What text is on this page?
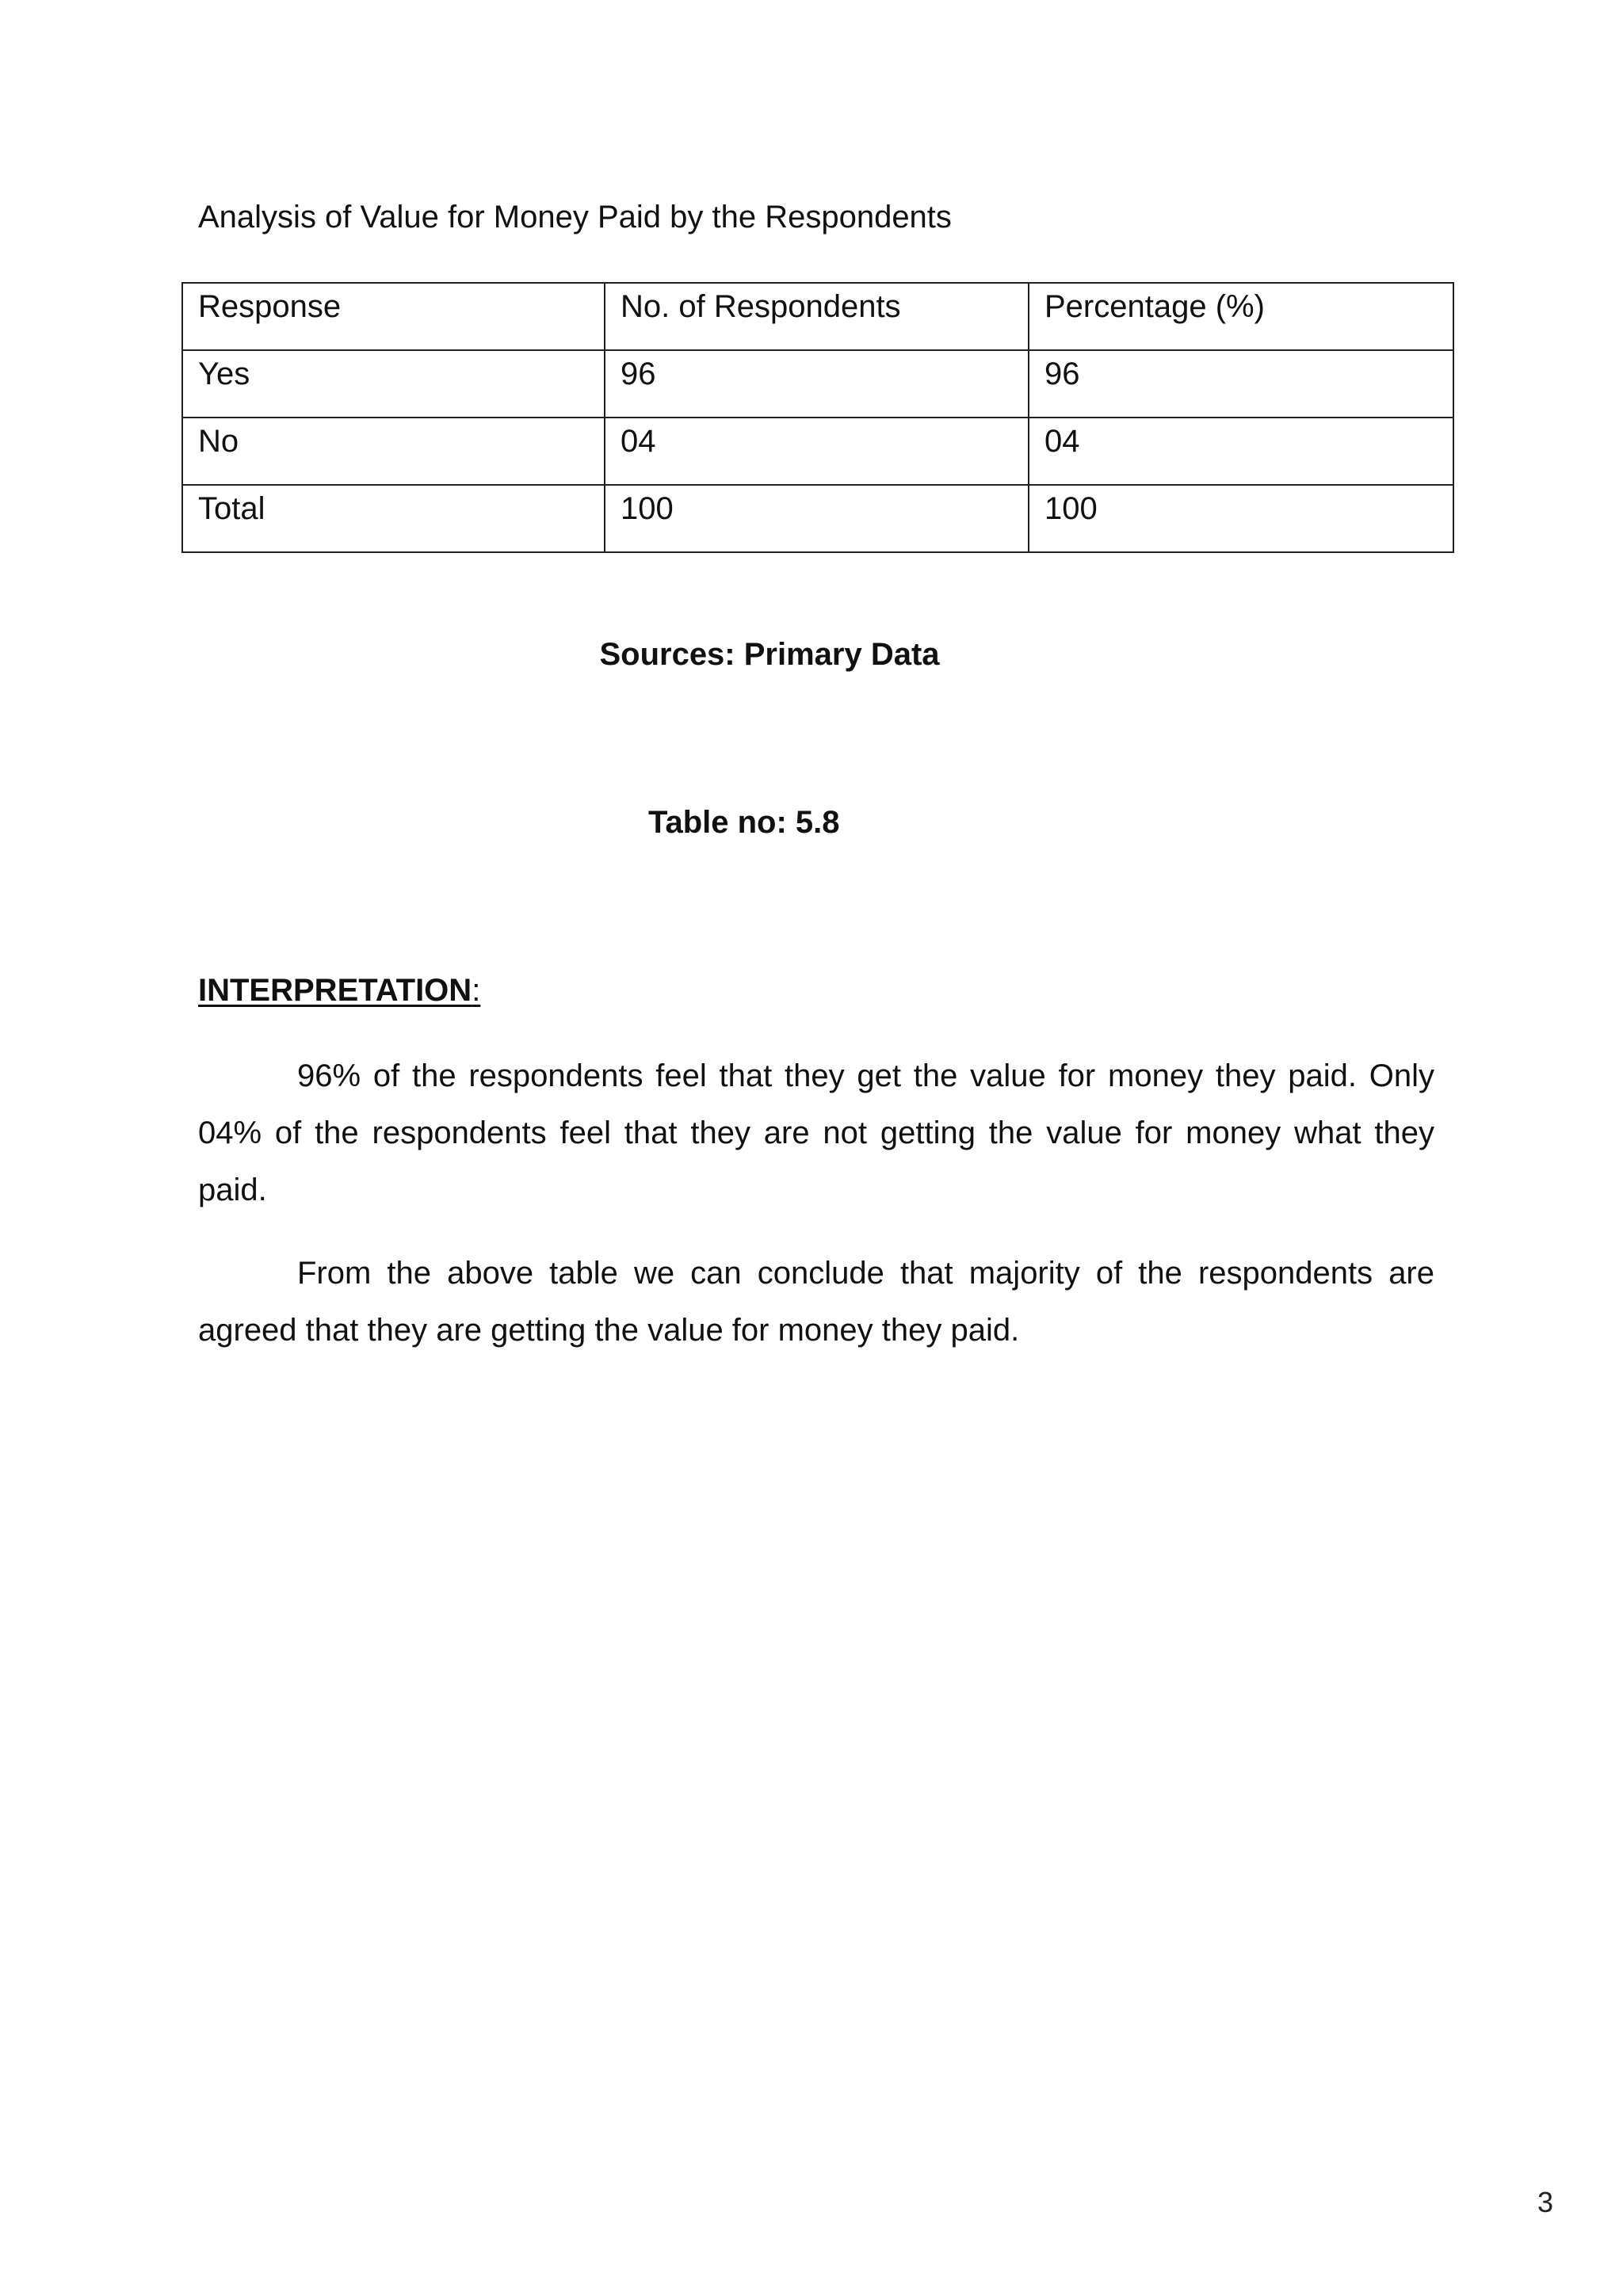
Analysis of Value for Money Paid by the Respondents
Response	No. of Respondents	Percentage (%)
Yes	96	96
No	04	04
Total	100	100
Sources: Primary Data
Table no: 5.8
INTERPRETATION:

96% of the respondents feel that they get the value for money they paid. Only 04% of the respondents feel that they are not getting the value for money what they paid.

From the above table we can conclude that majority of the respondents are agreed that they are getting the value for money they paid.

3
